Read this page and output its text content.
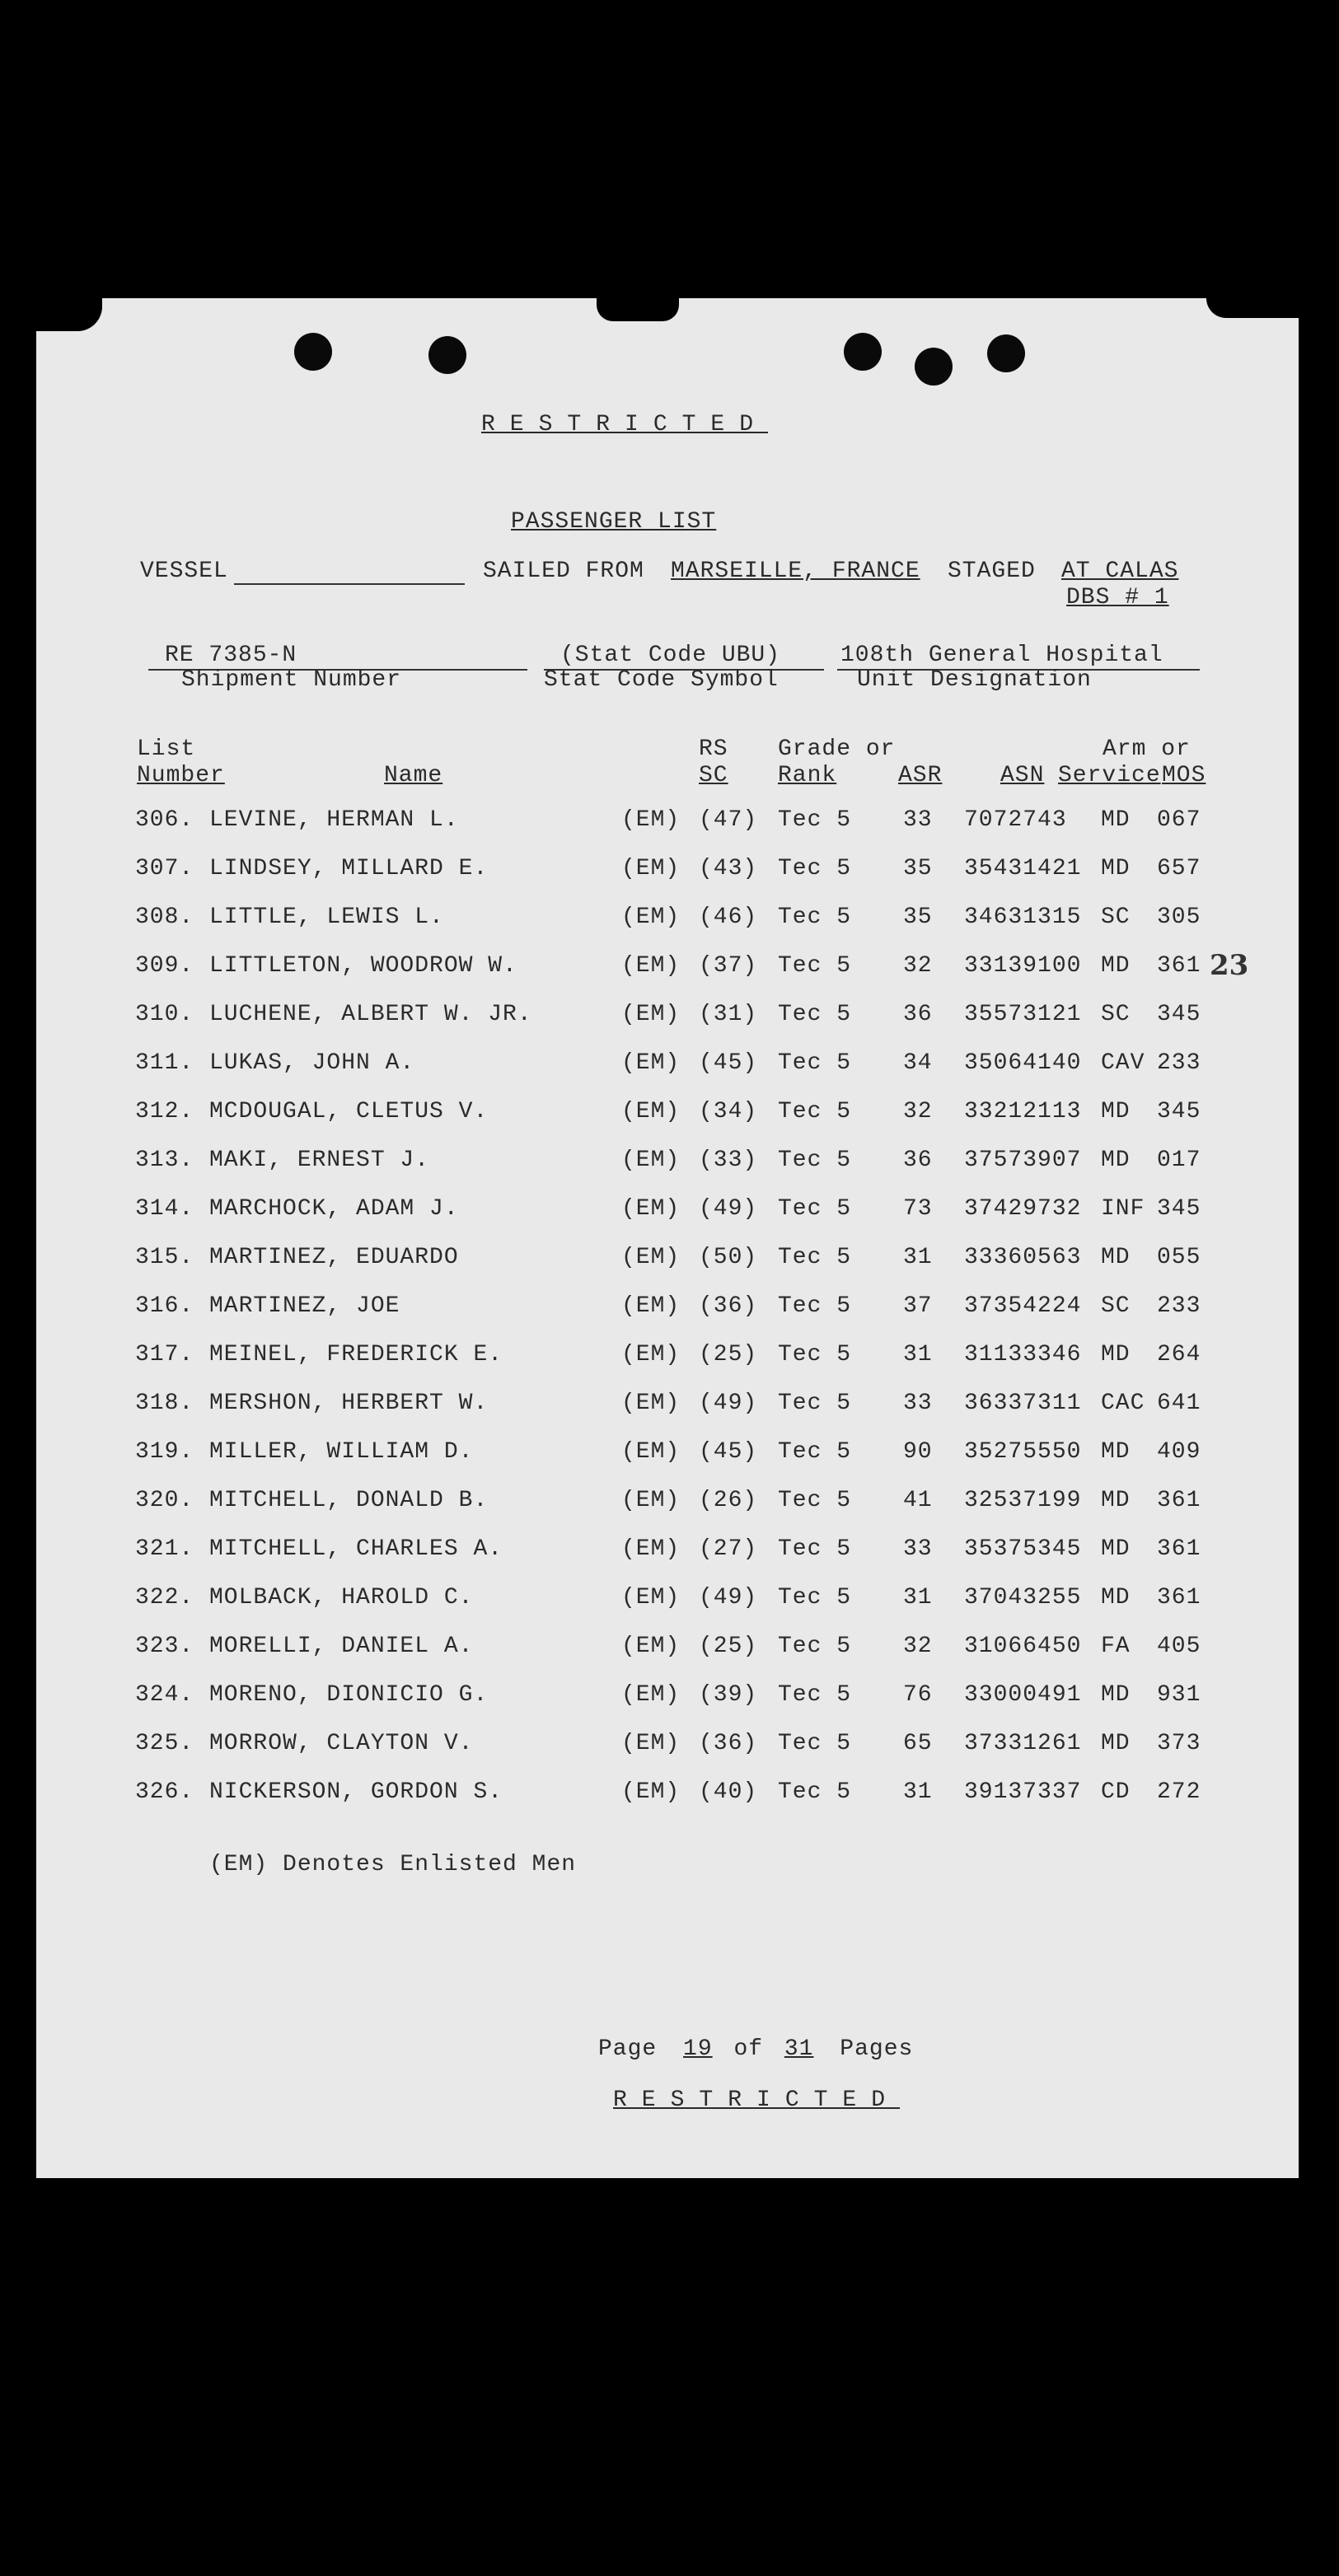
RESTRICTED
PASSENGER LIST
VESSEL	SAILED FROM MARSEILLE, FRANCE STAGED AT CALAS
DBS # 1
RE 7385-N
Shipment Number
(Stat Code UBU)
Stat Code Symbol
108th General Hospital
Unit Designation
List
Number	Name
RS
SC
Grade or
Rank	ASR	ASN
Arm or
Service MOS
306. LEVINE, HERMAN L.	(EM) (47) Tec 5 33 7072743 MD 067
307. LINDSEY, MILLARD E.	(EM) (43) Tec 5 35 35431421 MD 657
308. LITTLE, LEWIS L.	(EM) (46) Tec 5 35 34631315 SC 305
309. LITTLETON, WOODROW W.	(EM) (37) Tec 5 32 33139100 MD 361
310. LUCHENE, ALBERT W. JR.	(EM) (31) Tec 5 36 35573121 SC 345
311. LUKAS, JOHN A.	(EM) (45) Tec 5 34 35064140 CAV 233
312. MCDOUGAL, CLETUS V.	(EM) (34) Tec 5 32 33212113 MD 345
313. MAKI, ERNEST J.	(EM) (33) Tec 5 36 37573907 MD 017
314. MARCHOCK, ADAM J.	(EM) (49) Tec 5 73 37429732 INF 345
315. MARTINEZ, EDUARDO	(EM) (50) Tec 5 31 33360563 MD 055
316. MARTINEZ, JOE	(EM) (36) Tec 5 37 37354224 SC 233
317. MEINEL, FREDERICK E.	(EM) (25) Tec 5 31 31133346 MD 264
318. MERSHON, HERBERT W.	(EM) (49) Tec 5 33 36337311 CAC 641
319. MILLER, WILLIAM D.	(EM) (45) Tec 5 90 35275550 MD 409
320. MITCHELL, DONALD B.	(EM) (26) Tec 5 41 32537199 MD 361
321. MITCHELL, CHARLES A.	(EM) (27) Tec 5 33 35375345 MD 361
322. MOLBACK, HAROLD C.	(EM) (49) Tec 5 31 37043255 MD 361
323. MORELLI, DANIEL A.	(EM) (25) Tec 5 32 31066450 FA 405
324. MORENO, DIONICIO G.	(EM) (39) Tec 5 76 33000491 MD 931
325. MORROW, CLAYTON V.	(EM) (36) Tec 5 65 37331261 MD 373
326. NICKERSON, GORDON S.	(EM) (40) Tec 5 31 39137337 CD 272
23
(EM) Denotes Enlisted Men
Page 19 of 31 Pages
RESTRICTED
